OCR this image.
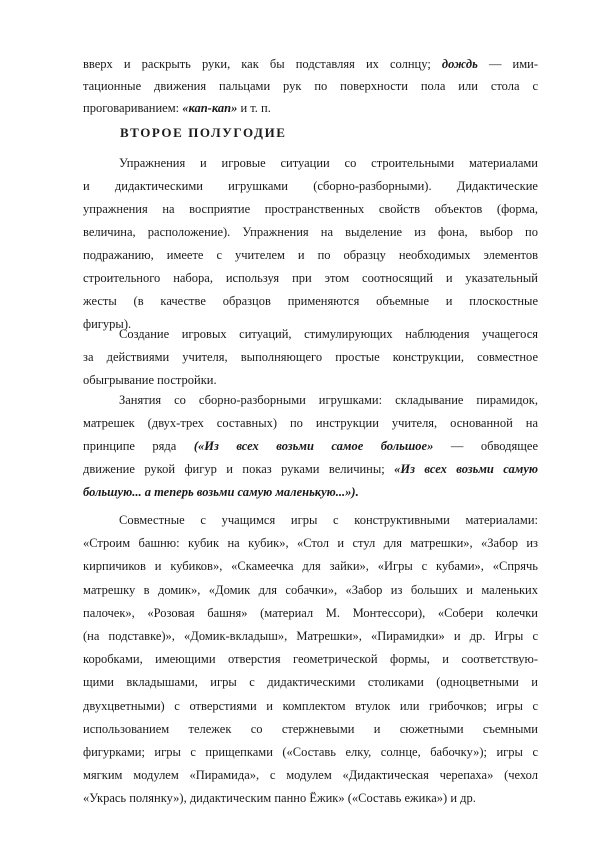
вверх и раскрыть руки, как бы подставляя их солнцу; дождь — ими-
тационные движения пальцами рук по поверхности пола или стола с
проговариванием: «кап-кап» и т. п.
ВТОРОЕ ПОЛУГОДИЕ
Упражнения и игровые ситуации со строительными материалами
и дидактическими игрушками (сборно-разборными). Дидактические
упражнения на восприятие пространственных свойств объектов (форма,
величина, расположение). Упражнения на выделение из фона, выбор по
подражанию, имеете с учителем и по образцу необходимых элементов
строительного набора, используя при этом соотносящий и указательный
жесты (в качестве образцов применяются объемные и плоскостные
фигуры).
Создание игровых ситуаций, стимулирующих наблюдения учащегося
за действиями учителя, выполняющего простые конструкции, совместное
обыгрывание постройки.
Занятия со сборно-разборными игрушками: складывание пирамидок,
матрешек (двух-трех составных) по инструкции учителя, основанной на
принципе ряда («Из всех возьми самое большое» — обводящее
движение рукой фигур и показ руками величины; «Из всех возьми самую
большую... а теперь возьми самую маленькую...»).
Совместные с учащимся игры с конструктивными материалами:
«Строим башню: кубик на кубик», «Стол и стул для матрешки», «Забор из
кирпичиков и кубиков», «Скамеечка для зайки», «Игры с кубами», «Спрячь
матрешку в домик», «Домик для собачки», «Забор из больших и маленьких
палочек», «Розовая башня» (материал М. Монтессори), «Собери колечки
(на подставке)», «Домик-вкладыш», Матрешки», «Пирамидки» и др. Игры с
коробками, имеющими отверстия геометрической формы, и соответствую-
щими вкладышами, игры с дидактическими столиками (одноцветными и
двухцветными) с отверстиями и комплектом втулок или грибочков; игры с
использованием тележек со стержневыми и сюжетными съемными
фигурками; игры с прищепками («Составь елку, солнце, бабочку»); игры с
мягким модулем «Пирамида», с модулем «Дидактическая черепаха» (чехол
«Укрась полянку»), дидактическим панно Ёжик» («Составь ежика») и др.
